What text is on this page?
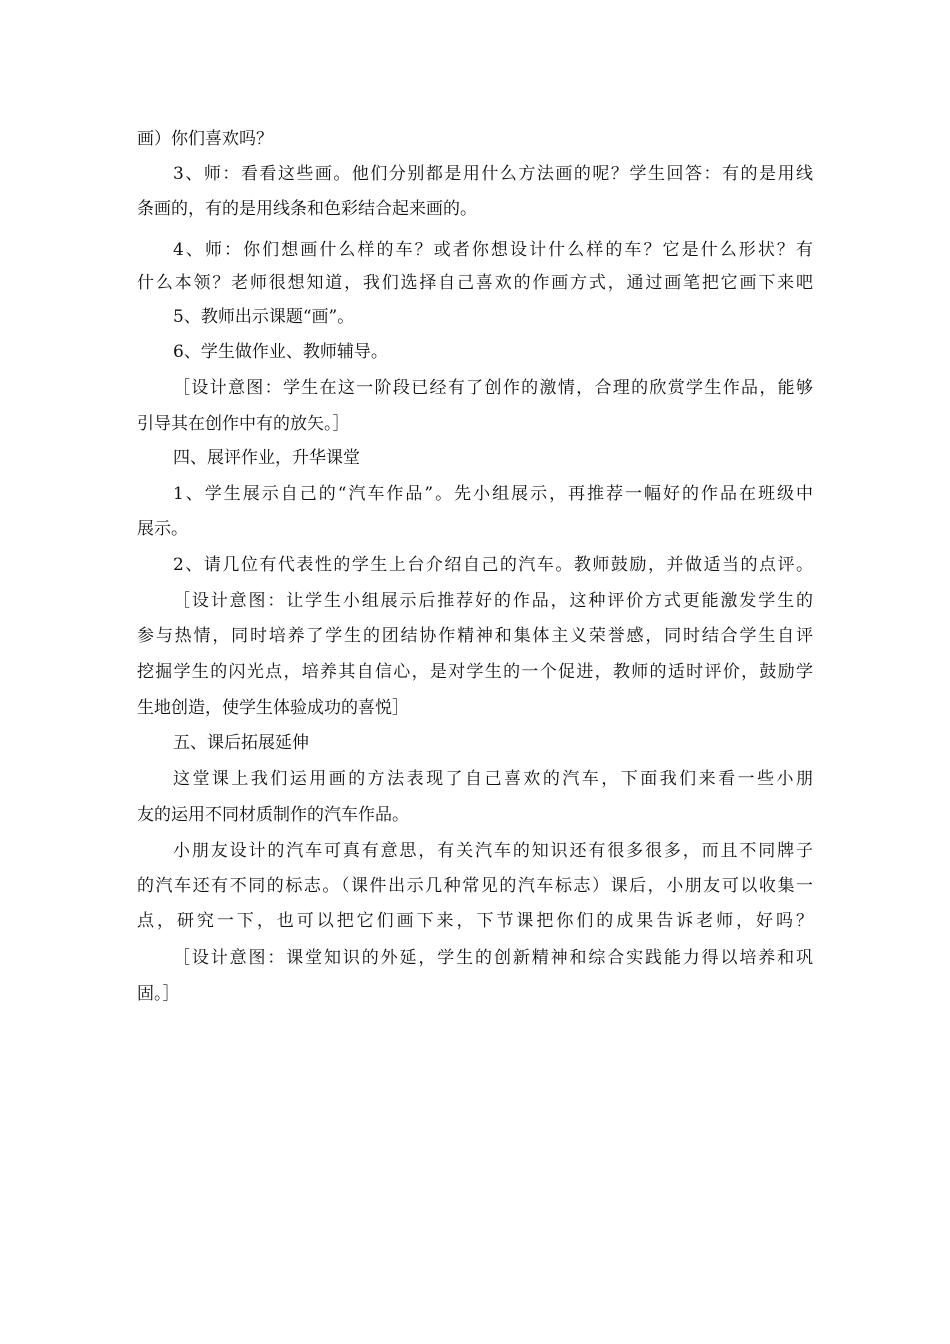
画）你们喜欢吗？
3、师：看看这些画。他们分别都是用什么方法画的呢？学生回答：有的是用线
条画的，有的是用线条和色彩结合起来画的。
4、师：你们想画什么样的车？或者你想设计什么样的车？它是什么形状？有
什么本领？老师很想知道，我们选择自己喜欢的作画方式，通过画笔把它画下来吧
5、教师出示课题“画”。
6、学生做作业、教师辅导。
［设计意图：学生在这一阶段已经有了创作的激情，合理的欣赏学生作品，能够
引导其在创作中有的放矢。］
四、展评作业，升华课堂
1、学生展示自己的“汽车作品”。先小组展示，再推荐一幅好的作品在班级中
展示。
2、请几位有代表性的学生上台介绍自己的汽车。教师鼓励，并做适当的点评。
［设计意图：让学生小组展示后推荐好的作品，这种评价方式更能激发学生的
参与热情，同时培养了学生的团结协作精神和集体主义荣誉感，同时结合学生自评
挖掘学生的闪光点，培养其自信心，是对学生的一个促进，教师的适时评价，鼓励学
生地创造，使学生体验成功的喜悦］
五、课后拓展延伸
这堂课上我们运用画的方法表现了自己喜欢的汽车，下面我们来看一些小朋
友的运用不同材质制作的汽车作品。
小朋友设计的汽车可真有意思，有关汽车的知识还有很多很多，而且不同牌子
的汽车还有不同的标志。（课件出示几种常见的汽车标志）课后，小朋友可以收集一
点，研究一下，也可以把它们画下来，下节课把你们的成果告诉老师，好吗？
［设计意图：课堂知识的外延，学生的创新精神和综合实践能力得以培养和巩
固。］
